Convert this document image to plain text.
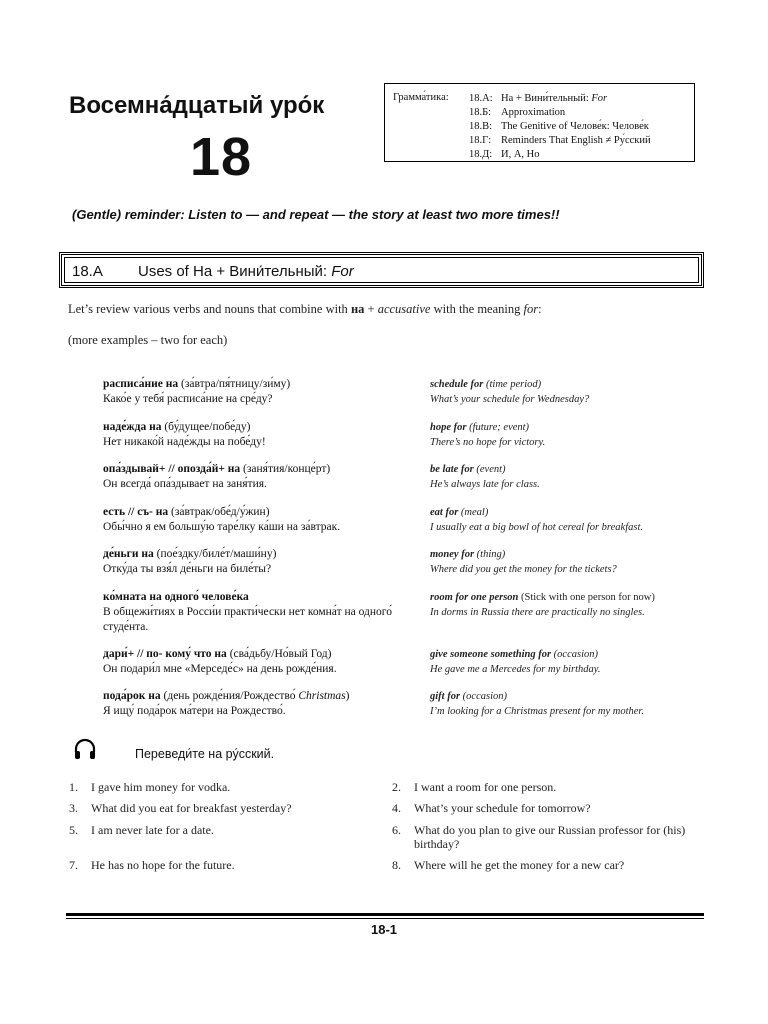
Восемна́дцатый уро́к
18
Грамма́тика: 18.А: На + Вини́тельный: For
18.Б: Approximation
18.В: The Genitive of Челове́к: Челове́к
18.Г: Reminders That English ≠ Ру́сский
18.Д: И, А, Но
(Gentle) reminder: Listen to — and repeat — the story at least two more times!!
18.A Uses of На + Вини́тельный: For
Let’s review various verbs and nouns that combine with на + accusative with the meaning for:
(more examples – two for each)
расписа́ние на (за́втра/пя́тницу/зи́му)
Како́е у тебя́ расписа́ние на сре́ду?
schedule for (time period)
What’s your schedule for Wednesday?
наде́жда на (бу́дущее/побе́ду)
Нет никако́й наде́жды на побе́ду!
hope for (future; event)
There’s no hope for victory.
опа́здывай+ // опозда́й+ на (заня́тия/конце́рт)
Он всегда́ опа́здывает на заня́тия.
be late for (event)
He’s always late for class.
есть // съ- на (за́втрак/обе́д/у́жин)
Обы́чно я ем большу́ю таре́лку ка́ши на за́втрак.
eat for (meal)
I usually eat a big bowl of hot cereal for breakfast.
де́ньги на (пое́здку/биле́т/маши́ну)
Отку́да ты взя́л де́ньги на биле́ты?
money for (thing)
Where did you get the money for the tickets?
ко́мната на одного́ челове́ка
В общежи́тиях в Росси́и практи́чески нет комна́т на одного́ студе́нта.
room for one person (Stick with one person for now)
In dorms in Russia there are practically no singles.
дари́+ // по- кому́ что на (сва́дьбу/Но́вый Год)
Он подари́л мне «Мерседе́с» на день рожде́ния.
give someone something for (occasion)
He gave me a Mercedes for my birthday.
пода́рок на (день рожде́ния/Рождество́ Christmas)
Я ищу́ пода́рок ма́тери на Рождество́.
gift for (occasion)
I’m looking for a Christmas present for my mother.
Переведи́те на ру́сский.
1. I gave him money for vodka.	2. I want a room for one person.
3. What did you eat for breakfast yesterday?	4. What’s your schedule for tomorrow?
5. I am never late for a date.	6. What do you plan to give our Russian professor for (his) birthday?
7. He has no hope for the future.	8. Where will he get the money for a new car?
18-1
